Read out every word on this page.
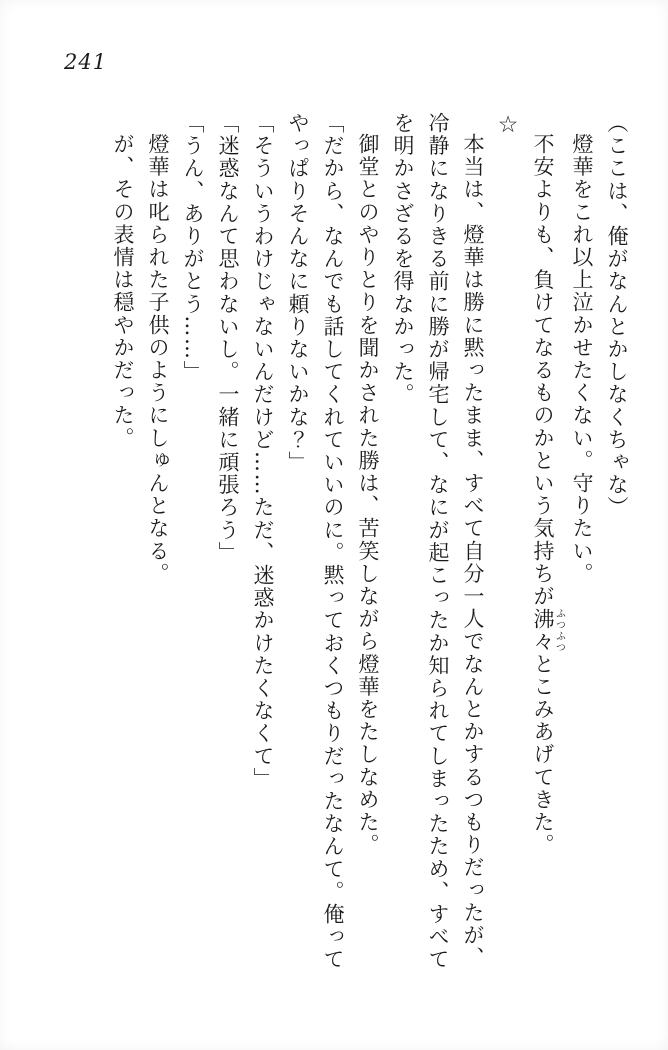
241

（ここは、俺がなんとかしなくちゃな）

燈華をこれ以上泣かせたくない。守りたい。

不安よりも、負けてなるものかという気持ちが沸々ふつふつとこみあげてきた。

☆

本当は、燈華は勝に黙ったまま、すべて自分一人でなんとかするつもりだったが、冷静になりきる前に勝が帰宅して、なにが起こったか知られてしまったため、すべてを明かさざるを得なかった。

御堂とのやりとりを聞かされた勝は、苦笑しながら燈華をたしなめた。

「だから、なんでも話してくれていいのに。黙っておくつもりだったなんて。俺ってやっぱりそんなに頼りないかな？」

「そういうわけじゃないんだけど……ただ、迷惑かけたくなくて」

「迷惑なんて思わないし。一緒に頑張ろう」

「うん、ありがとう……」

燈華は叱られた子供のようにしゅんとなる。

が、その表情は穏やかだった。
